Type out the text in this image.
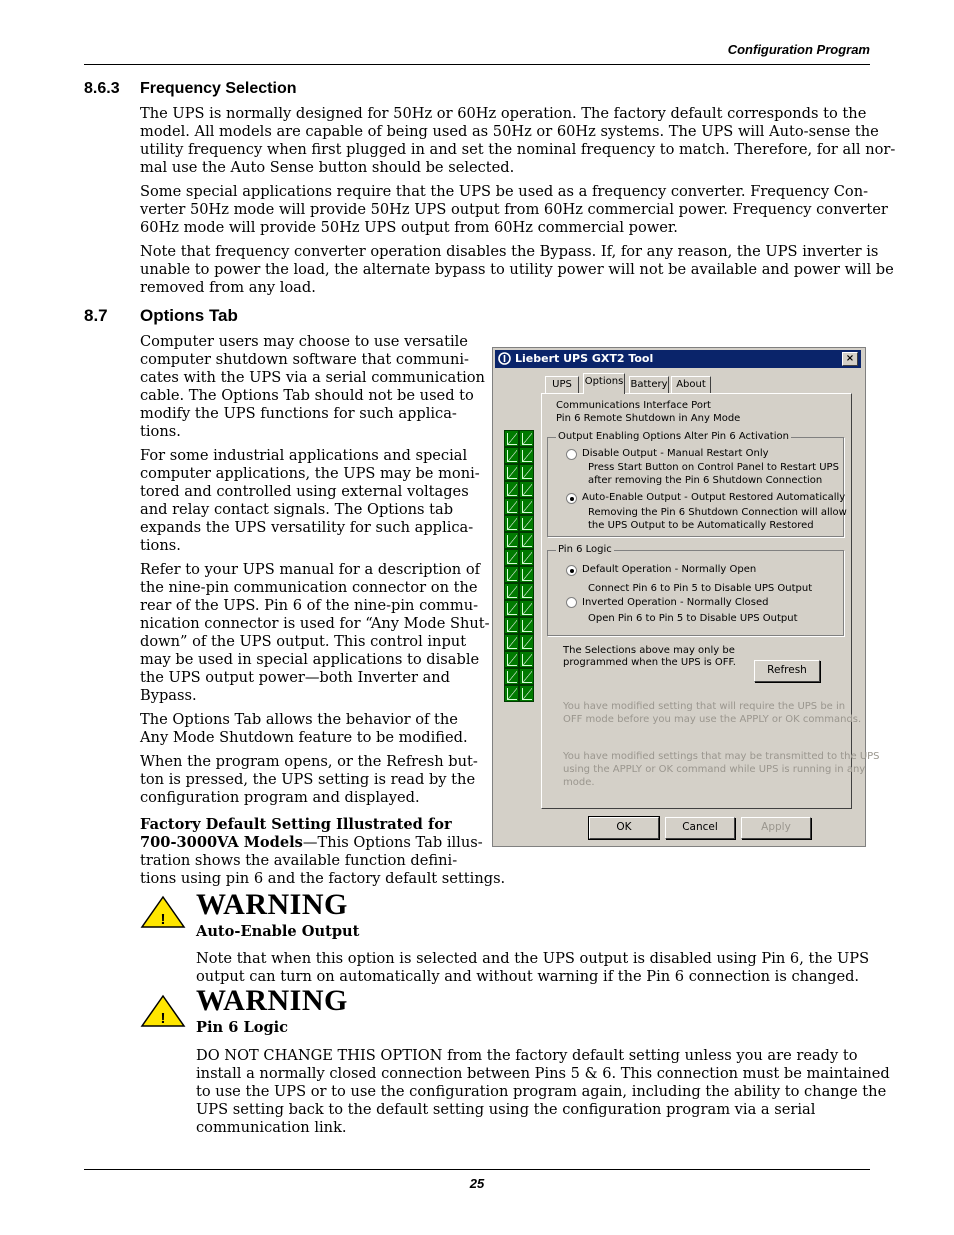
Configuration Program
8.6.3 Frequency Selection
The UPS is normally designed for 50Hz or 60Hz operation. The factory default corresponds to the
model. All models are capable of being used as 50Hz or 60Hz systems. The UPS will Auto-sense the
utility frequency when first plugged in and set the nominal frequency to match. Therefore, for all nor-
mal use the Auto Sense button should be selected.
Some special applications require that the UPS be used as a frequency converter. Frequency Con-
verter 50Hz mode will provide 50Hz UPS output from 60Hz commercial power. Frequency converter
60Hz mode will provide 50Hz UPS output from 60Hz commercial power.
Note that frequency converter operation disables the Bypass. If, for any reason, the UPS inverter is
unable to power the load, the alternate bypass to utility power will not be available and power will be
removed from any load.
8.7 Options Tab
Computer users may choose to use versatile
computer shutdown software that communi-
cates with the UPS via a serial communication
cable. The Options Tab should not be used to
modify the UPS functions for such applica-
tions.
For some industrial applications and special
computer applications, the UPS may be moni-
tored and controlled using external voltages
and relay contact signals. The Options tab
expands the UPS versatility for such applica-
tions.
Refer to your UPS manual for a description of
the nine-pin communication connector on the
rear of the UPS. Pin 6 of the nine-pin commu-
nication connector is used for “Any Mode Shut-
down” of the UPS output. This control input
may be used in special applications to disable
the UPS output power—both Inverter and
Bypass.
The Options Tab allows the behavior of the
Any Mode Shutdown feature to be modified.
When the program opens, or the Refresh but-
ton is pressed, the UPS setting is read by the
configuration program and displayed.
Factory Default Setting Illustrated for
700-3000VA Models—This Options Tab illus-
tration shows the available function defini-
tions using pin 6 and the factory default settings.
Liebert UPS GXT2 Tool	×
UPS	Options Battery About
Communications Interface Port
Pin 6 Remote Shutdown in Any Mode
Output Enabling Options Alter Pin 6 Activation
Disable Output - Manual Restart Only
Press Start Button on Control Panel to Restart UPS
after removing the Pin 6 Shutdown Connection
Auto-Enable Output - Output Restored Automatically
Removing the Pin 6 Shutdown Connection will allow
the UPS Output to be Automatically Restored
Pin 6 Logic
Default Operation - Normally Open
Connect Pin 6 to Pin 5 to Disable UPS Output
Inverted Operation - Normally Closed
Open Pin 6 to Pin 5 to Disable UPS Output
The Selections above may only be
programmed when the UPS is OFF.
Refresh
You have modified setting that will require the UPS be in
OFF mode before you may use the APPLY or OK commands.
You have modified settings that may be transmitted to the UPS
using the APPLY or OK command while UPS is running in any
mode.
OK	Cancel	Apply
! WARNING
Auto-Enable Output
Note that when this option is selected and the UPS output is disabled using Pin 6, the UPS
output can turn on automatically and without warning if the Pin 6 connection is changed.
!
WARNING
Pin 6 Logic
DO NOT CHANGE THIS OPTION from the factory default setting unless you are ready to
install a normally closed connection between Pins 5 & 6. This connection must be maintained
to use the UPS or to use the configuration program again, including the ability to change the
UPS setting back to the default setting using the configuration program via a serial
communication link.
25
